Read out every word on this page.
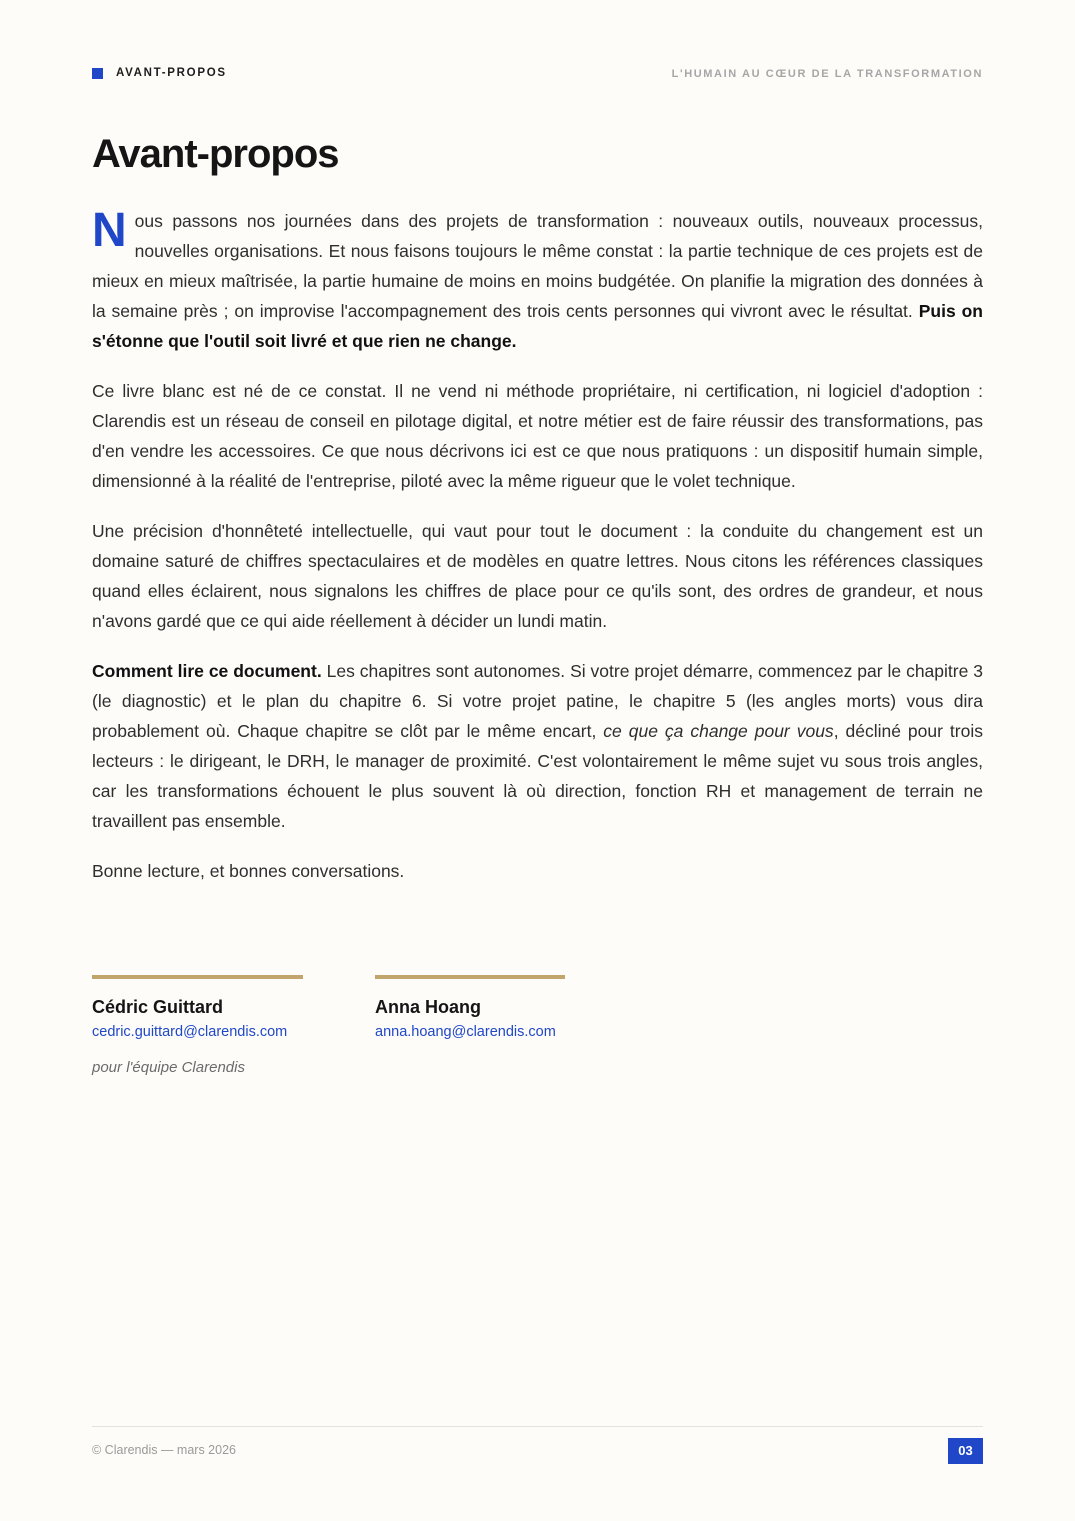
AVANT-PROPOS	L'HUMAIN AU CŒUR DE LA TRANSFORMATION
Avant-propos

Nous passons nos journées dans des projets de transformation : nouveaux outils, nouveaux processus, nouvelles organisations. Et nous faisons toujours le même constat : la partie technique de ces projets est de mieux en mieux maîtrisée, la partie humaine de moins en moins budgétée. On planifie la migration des données à la semaine près ; on improvise l'accompagnement des trois cents personnes qui vivront avec le résultat. Puis on s'étonne que l'outil soit livré et que rien ne change.

Ce livre blanc est né de ce constat. Il ne vend ni méthode propriétaire, ni certification, ni logiciel d'adoption : Clarendis est un réseau de conseil en pilotage digital, et notre métier est de faire réussir des transformations, pas d'en vendre les accessoires. Ce que nous décrivons ici est ce que nous pratiquons : un dispositif humain simple, dimensionné à la réalité de l'entreprise, piloté avec la même rigueur que le volet technique.

Une précision d'honnêteté intellectuelle, qui vaut pour tout le document : la conduite du changement est un domaine saturé de chiffres spectaculaires et de modèles en quatre lettres. Nous citons les références classiques quand elles éclairent, nous signalons les chiffres de place pour ce qu'ils sont, des ordres de grandeur, et nous n'avons gardé que ce qui aide réellement à décider un lundi matin.

Comment lire ce document. Les chapitres sont autonomes. Si votre projet démarre, commencez par le chapitre 3 (le diagnostic) et le plan du chapitre 6. Si votre projet patine, le chapitre 5 (les angles morts) vous dira probablement où. Chaque chapitre se clôt par le même encart, ce que ça change pour vous, décliné pour trois lecteurs : le dirigeant, le DRH, le manager de proximité. C'est volontairement le même sujet vu sous trois angles, car les transformations échouent le plus souvent là où direction, fonction RH et management de terrain ne travaillent pas ensemble.

Bonne lecture, et bonnes conversations.

Cédric Guittard
cedric.guittard@clarendis.com
Anna Hoang
anna.hoang@clarendis.com
pour l'équipe Clarendis
© Clarendis — mars 2026	03
